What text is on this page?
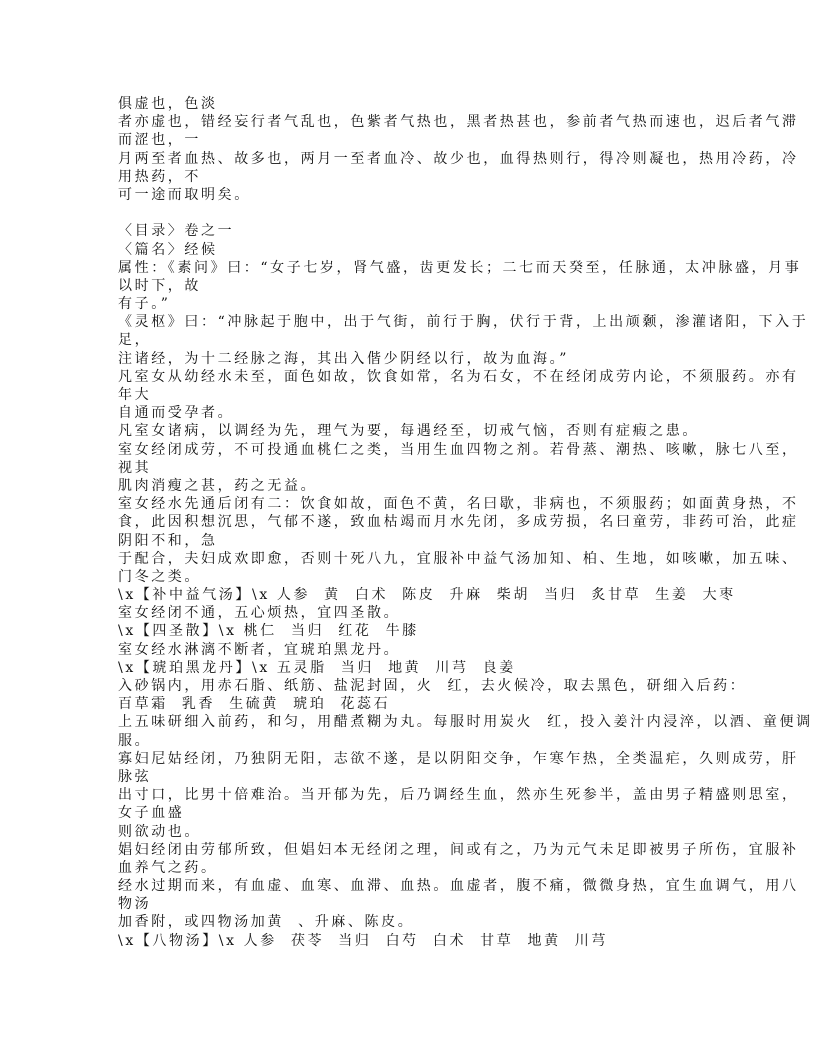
俱虚也，色淡
者亦虚也，错经妄行者气乱也，色紫者气热也，黑者热甚也，参前者气热而速也，迟后者气滞
而涩也，一
月两至者血热、故多也，两月一至者血冷、故少也，血得热则行，得冷则凝也，热用冷药，冷
用热药，不
可一途而取明矣。
〈目录〉卷之一
〈篇名〉经候
属性：《素问》曰：“女子七岁，肾气盛，齿更发长；二七而天癸至，任脉通，太冲脉盛，月事
以时下，故
有子。”
《灵枢》曰：“冲脉起于胞中，出于气街，前行于胸，伏行于背，上出颃颡，渗灌诸阳，下入于
足，
注诸经，为十二经脉之海，其出入偕少阴经以行，故为血海。”
凡室女从幼经水未至，面色如故，饮食如常，名为石女，不在经闭成劳内论，不须服药。亦有
年大
自通而受孕者。
凡室女诸病，以调经为先，理气为要，每遇经至，切戒气恼，否则有症瘕之患。
室女经闭成劳，不可投通血桃仁之类，当用生血四物之剂。若骨蒸、潮热、咳嗽，脉七八至，
视其
肌肉消瘦之甚，药之无益。
室女经水先通后闭有二：饮食如故，面色不黄，名曰歇，非病也，不须服药；如面黄身热，不
食，此因积想沉思，气郁不遂，致血枯竭而月水先闭，多成劳损，名曰童劳，非药可治，此症
阴阳不和，急
于配合，夫妇成欢即愈，否则十死八九，宜服补中益气汤加知、柏、生地，如咳嗽，加五味、
门冬之类。
\x【补中益气汤】\x 人参  黄  白术  陈皮  升麻  柴胡  当归  炙甘草  生姜  大枣
室女经闭不通，五心烦热，宜四圣散。
\x【四圣散】\x 桃仁  当归  红花  牛膝
室女经水淋漓不断者，宜琥珀黑龙丹。
\x【琥珀黑龙丹】\x 五灵脂  当归  地黄  川芎  良姜
入砂锅内，用赤石脂、纸筋、盐泥封固，火  红，去火候冷，取去黑色，研细入后药：
百草霜  乳香  生硫黄  琥珀  花蕊石
上五味研细入前药，和匀，用醋煮糊为丸。每服时用炭火  红，投入姜汁内浸淬，以酒、童便调
服。
寡妇尼姑经闭，乃独阴无阳，志欲不遂，是以阴阳交争，乍寒乍热，全类温疟，久则成劳，肝
脉弦
出寸口，比男十倍难治。当开郁为先，后乃调经生血，然亦生死参半，盖由男子精盛则思室，
女子血盛
则欲动也。
娼妇经闭由劳郁所致，但娼妇本无经闭之理，间或有之，乃为元气未足即被男子所伤，宜服补
血养气之药。
经水过期而来，有血虚、血寒、血滞、血热。血虚者，腹不痛，微微身热，宜生血调气，用八
物汤
加香附，或四物汤加黄  、升麻、陈皮。
\x【八物汤】\x 人参  茯苓  当归  白芍  白术  甘草  地黄  川芎
